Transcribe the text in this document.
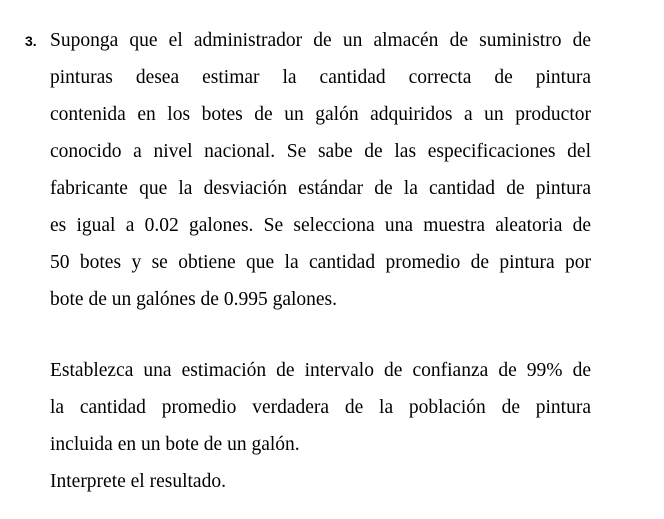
3. Suponga que el administrador de un almacén de suministro de
pinturas desea estimar la cantidad correcta de pintura
contenida en los botes de un galón adquiridos a un productor
conocido a nivel nacional. Se sabe de las especificaciones del
fabricante que la desviación estándar de la cantidad de pintura
es igual a 0.02 galones. Se selecciona una muestra aleatoria de
50 botes y se obtiene que la cantidad promedio de pintura por
bote de un galónes de 0.995 galones.
Establezca una estimación de intervalo de confianza de 99% de
la cantidad promedio verdadera de la población de pintura
incluida en un bote de un galón.
Interprete el resultado.
